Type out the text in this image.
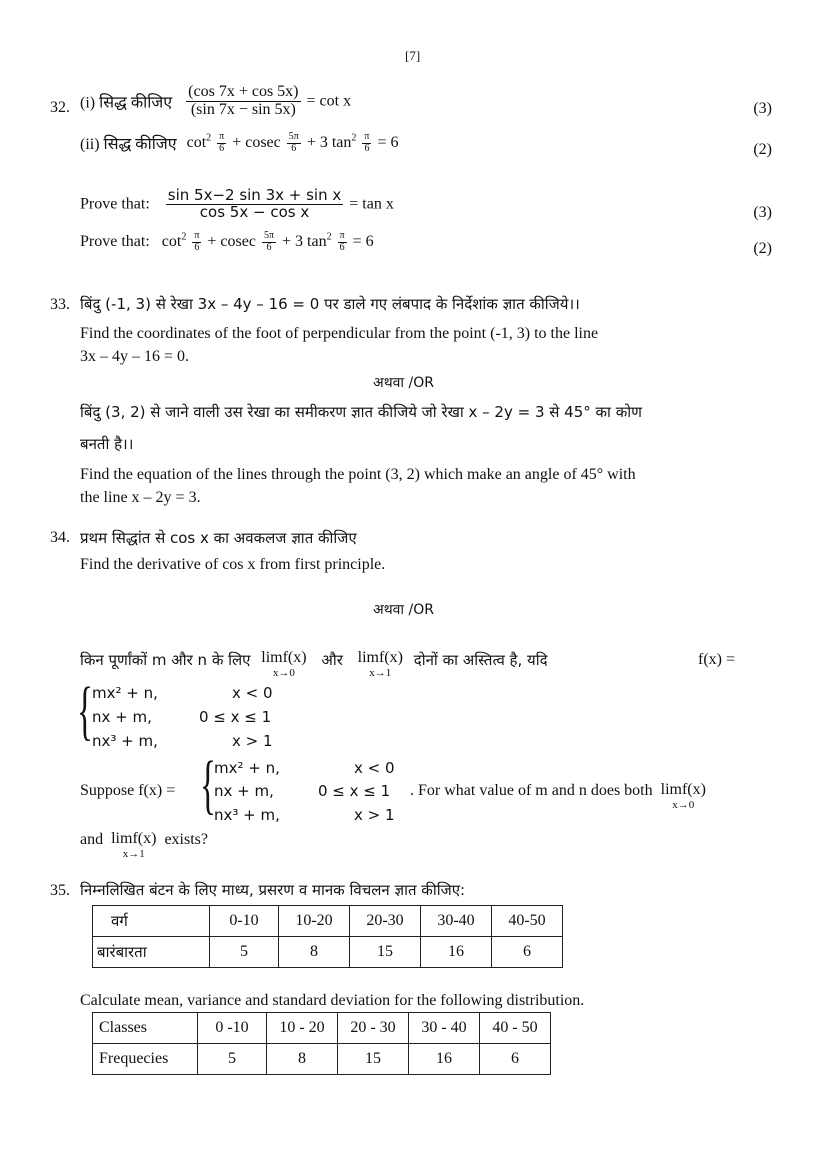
[7]
32. (i) सिद्ध कीजिए $\frac{(\cos 7x + \cos 5x)}{(\sin 7x - \sin 5x)} = \cot x$	(3)
(ii) सिद्ध कीजिए $\cot^2 \frac{\pi}{6} + cosec \frac{5\pi}{6} + 3$ $\tan^2 \frac{\pi}{6} = 6$	(2)
Prove that: $\frac{\text{sin 5x−2 sin 3x + sin x}}{\text{cos 5x − cos x}} = \tan x$
(3)
Prove that: $\cot^2 \frac{\pi}{6} + cosec \frac{5\pi}{6} + 3$ $\tan^2 \frac{\pi}{6} = 6$	(2)
33. बिंदु (-1, 3) से रेखा 3x – 4y – 16 = 0 पर डाले गए लंबपाद के निर्देशांक ज्ञात कीजिये।।
Find the coordinates of the foot of perpendicular from the point (-1, 3) to the line
3x – 4y – 16 = 0.
अथवा /OR
बिंदु (3, 2) से जाने वाली उस रेखा का समीकरण ज्ञात कीजिये जो रेखा x – 2y = 3 से 45° का कोण
बनती है।।
Find the equation of the lines through the point (3, 2) which make an angle of 45° with
the line x – 2y = 3.
34. प्रथम सिद्धांत से cos x का अवकलज ज्ञात कीजिए
Find the derivative of cos x from first principle.
अथवा /OR
किन पूर्णांकों m और n के लिए limf(x)
x→0
और limf(x)
x→1
दोनों का अस्तित्व है, यदि	f(x) =
{ mx² + n,	x < 0
nx + m,	0 ≤ x ≤ 1
nx³ + m,	x > 1
Suppose f(x) = {
mx² + n,	x < 0
nx + m,	0 ≤ x ≤ 1
nx³ + m,	x > 1
. For what value of m and n does both limf(x)
x→0
and limf(x)
x→1
exists?
35. निम्नलिखित बंटन के लिए माध्य, प्रसरण व मानक विचलन ज्ञात कीजिए:
वर्ग	0-10	10-20	20-30	30-40	40-50
बारंबारता	5	8	15	16	6
Calculate mean, variance and standard deviation for the following distribution.
Classes	0 -10	10 - 20	20 - 30	30 - 40	40 - 50
Frequecies	5	8	15	16	6
